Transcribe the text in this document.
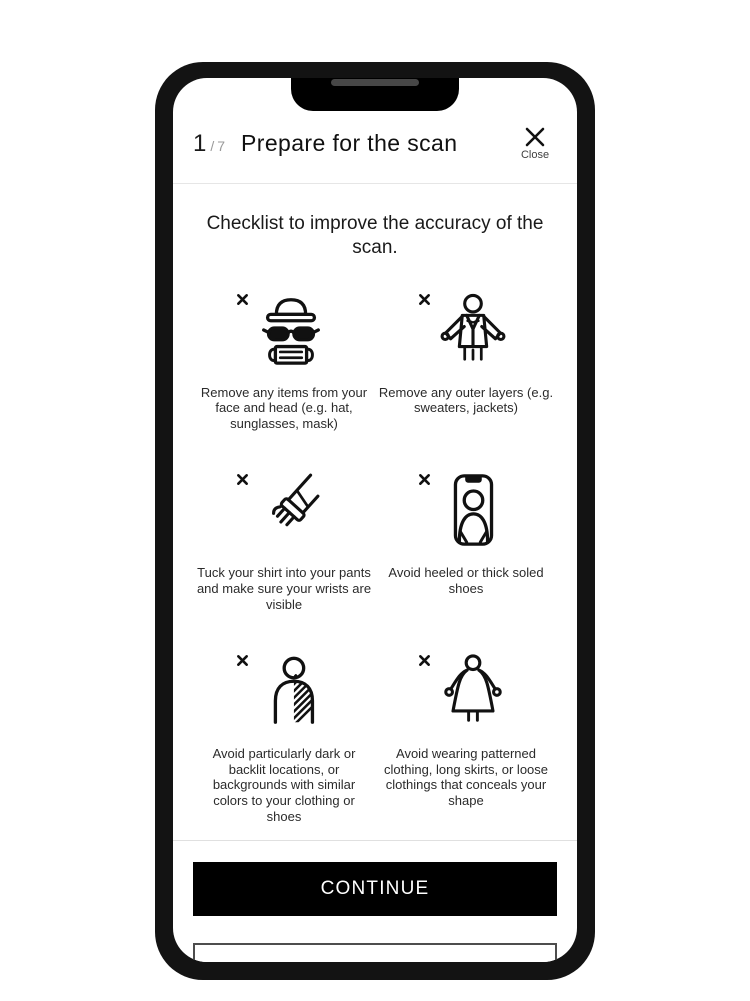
1 / 7 Prepare for the scan	Close
Checklist to improve the accuracy of the scan.
Remove any items from your face and head (e.g. hat, sunglasses, mask)
Remove any outer layers (e.g. sweaters, jackets)
Tuck your shirt into your pants and make sure your wrists are visible
Avoid heeled or thick soled shoes
Avoid particularly dark or backlit locations, or backgrounds with similar colors to your clothing or shoes
Avoid wearing patterned clothing, long skirts, or loose clothings that conceals your shape
CONTINUE
